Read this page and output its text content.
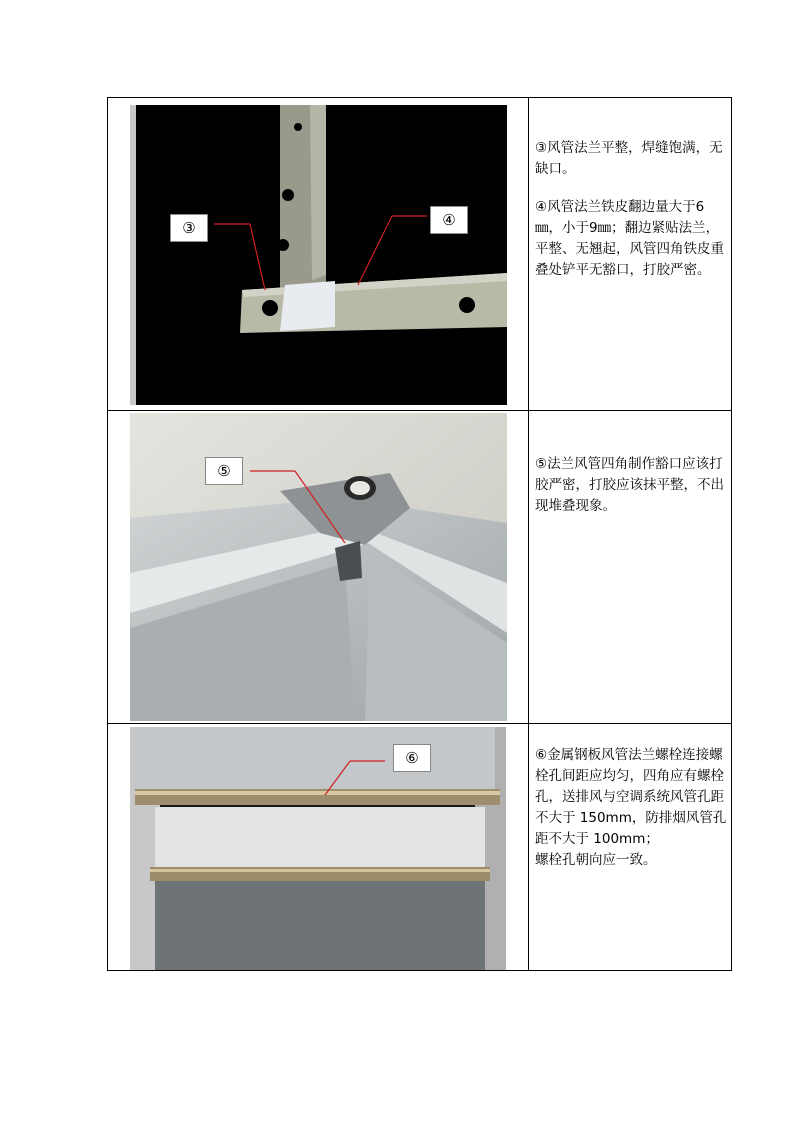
③	④

③风管法兰平整，焊缝饱满，无缺口。

④风管法兰铁皮翻边量大于6㎜，小于9㎜；翻边紧贴法兰，平整、无翘起，风管四角铁皮重叠处铲平无豁口，打胶严密。

⑤	⑤法兰风管四角制作豁口应该打胶严密，打胶应该抹平整，不出现堆叠现象。

⑥	⑥金属钢板风管法兰螺栓连接螺栓孔间距应均匀，四角应有螺栓孔，送排风与空调系统风管孔距不大于 150mm，防排烟风管孔距不大于 100mm；

螺栓孔朝向应一致。
